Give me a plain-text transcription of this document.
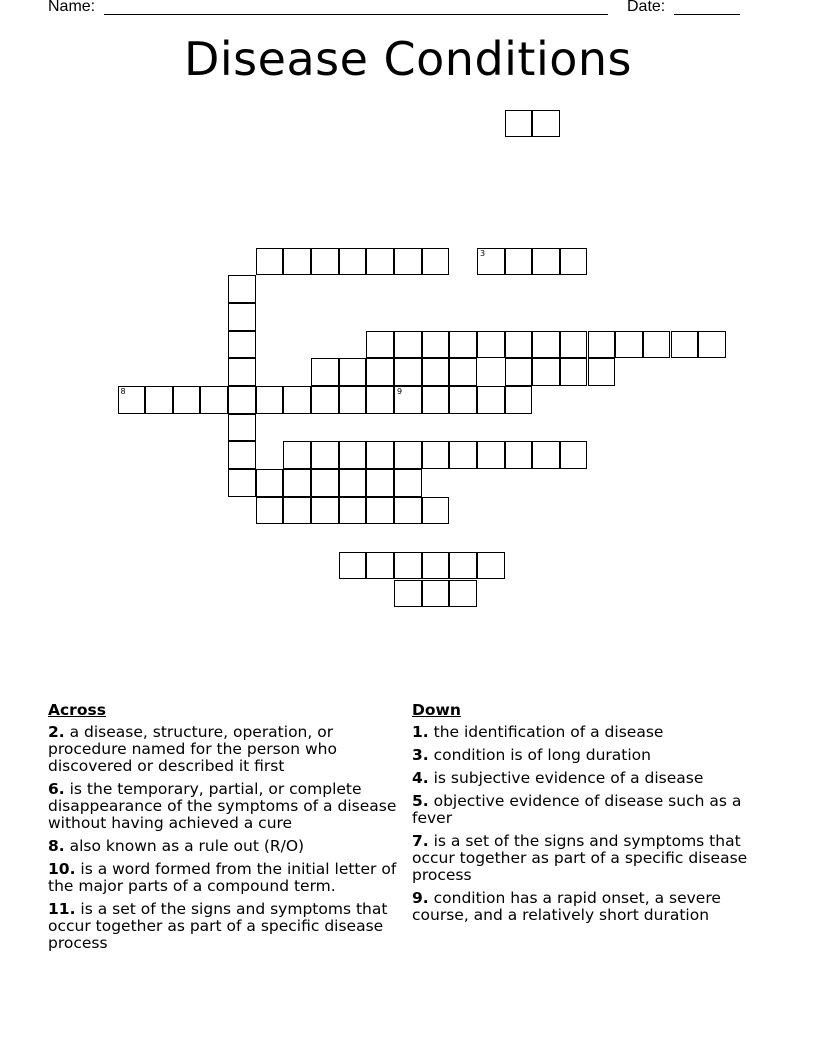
Name:	Date:
Disease Conditions
8	9
3
Across
2. a disease, structure, operation, or procedure named for the person who discovered or described it first
6. is the temporary, partial, or complete disappearance of the symptoms of a disease without having achieved a cure
8. also known as a rule out (R/O)
10. is a word formed from the initial letter of the major parts of a compound term.
11. is a set of the signs and symptoms that occur together as part of a specific disease process
Down
1. the identification of a disease
3. condition is of long duration
4. is subjective evidence of a disease
5. objective evidence of disease such as a fever
7. is a set of the signs and symptoms that occur together as part of a specific disease process
9. condition has a rapid onset, a severe course, and a relatively short duration
